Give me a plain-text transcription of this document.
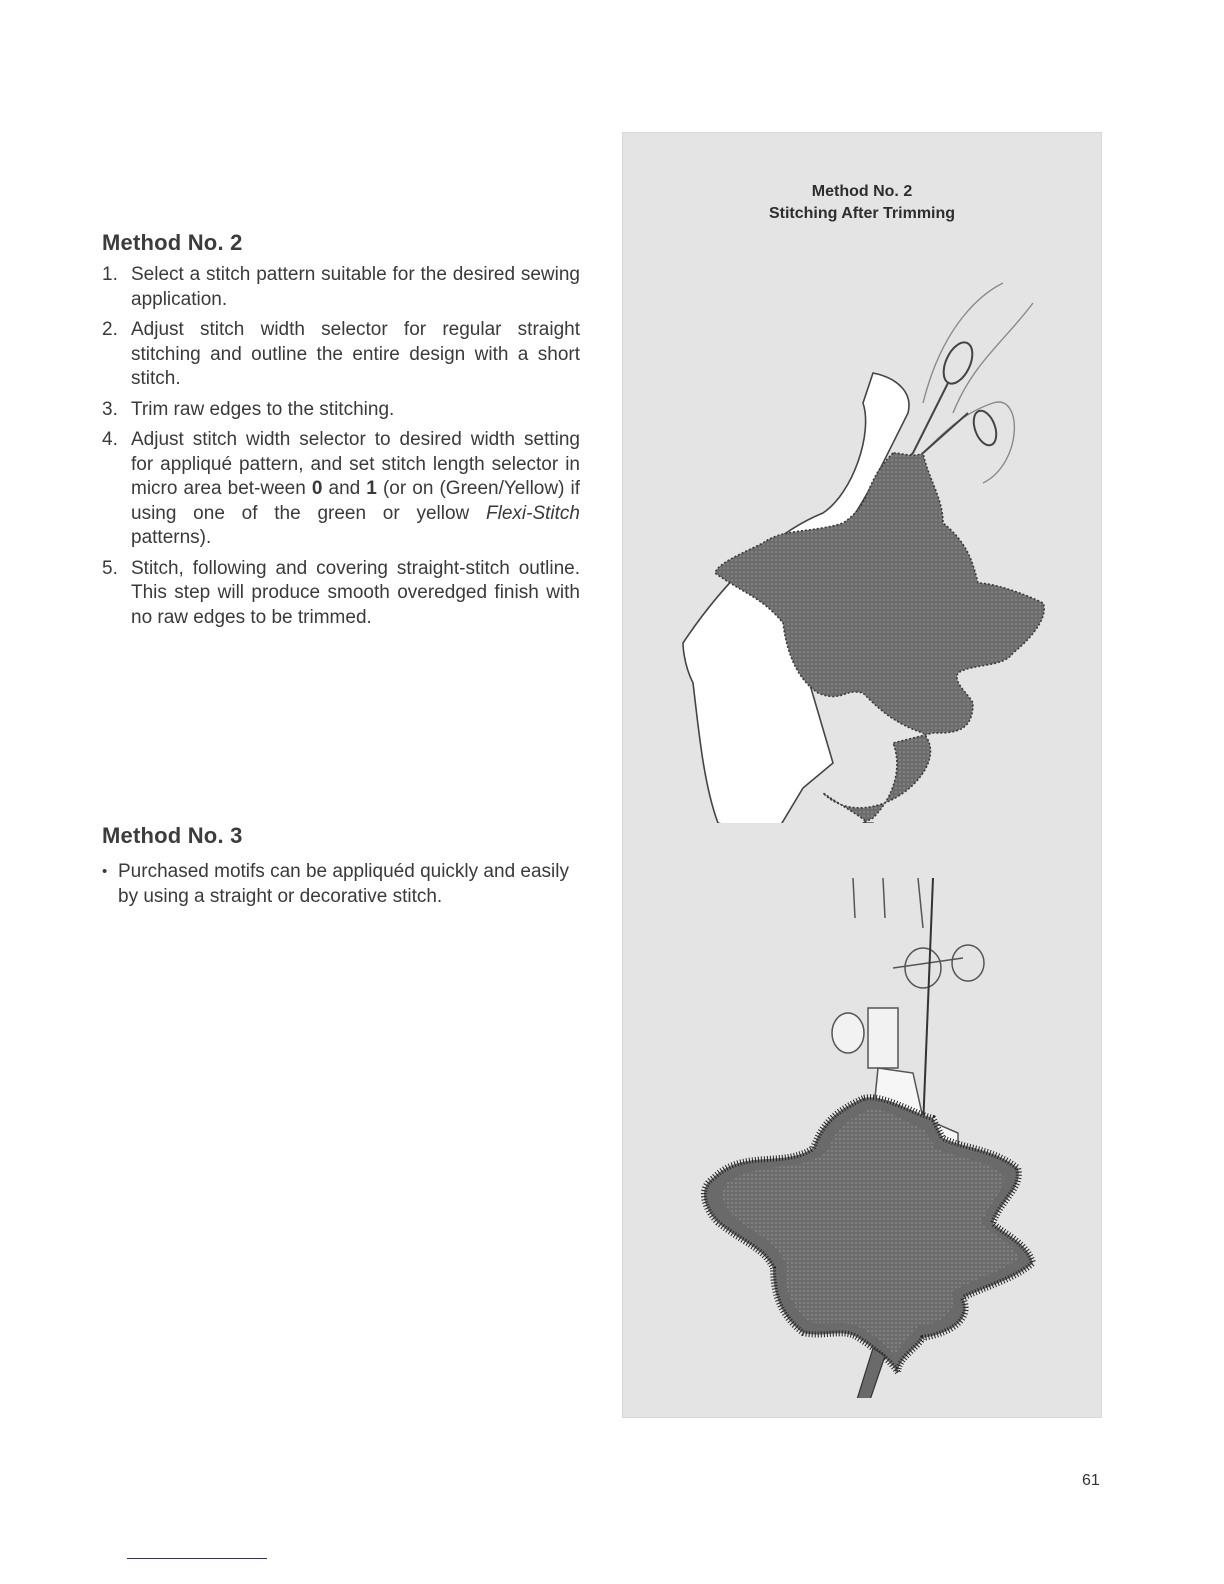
Method No. 2
1. Select a stitch pattern suitable for the desired sewing application.
2. Adjust stitch width selector for regular straight stitching and outline the entire design with a short stitch.
3. Trim raw edges to the stitching.
4. Adjust stitch width selector to desired width setting for appliqué pattern, and set stitch length selector in micro area bet-ween 0 and 1 (or on (Green/Yellow) if using one of the green or yellow Flexi-Stitch patterns).
5. Stitch, following and covering straight-stitch outline. This step will produce smooth overedged finish with no raw edges to be trimmed.
Method No. 3
• Purchased motifs can be appliquéd quickly and easily by using a straight or decorative stitch.
Method No. 2
Stitching After Trimming
61
